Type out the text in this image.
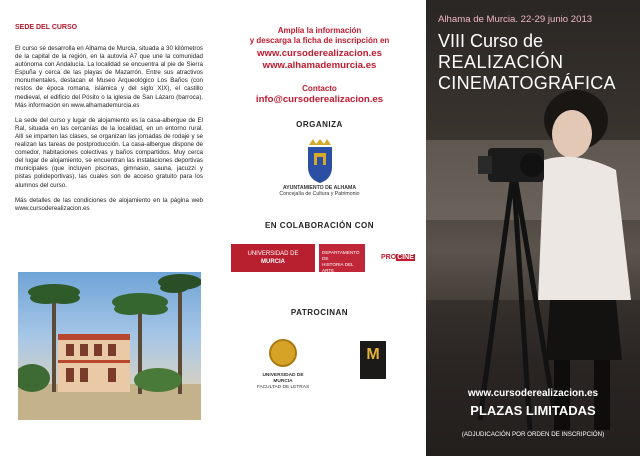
SEDE DEL CURSO

El curso se desarrolla en Alhama de Murcia, situada a 30 kilómetros de la capital de la región, en la autovía A7 que une la comunidad autónoma con Andalucía. La localidad se encuentra al pie de Sierra Espuña y cerca de las playas de Mazarrón. Entre sus atractivos monumentales, destacan el Museo Arqueológico Los Baños (con restos de época romana, islámica y del siglo XIX), el castillo medieval, el edificio del Pósito o la iglesia de San Lázaro (barroca). Más información en www.alhamademurcia.es

La sede del curso y lugar de alojamiento es la casa-albergue de El Ral, situada en las cercanías de la localidad, en un entorno rural. Allí se imparten las clases, se organizan las jornadas de rodaje y se realizan las tareas de postproducción. La casa-albergue dispone de comedor, habitaciones colectivas y baños compartidos. Muy cerca del lugar de alojamiento, se encuentran las instalaciones deportivas municipales (que incluyen piscinas, gimnasio, sauna, jacuzzi y pistas polideportivas), las cuales son de acceso gratuito para los alumnos del curso.

Más detalles de las condiciones de alojamiento en la página web www.cursoderealizacion.es

Amplía la información
y descarga la ficha de inscripción en
www.cursoderealizacion.es
www.alhamademurcia.es
Contacto
info@cursoderealizacion.es
ORGANIZA
AYUNTAMIENTO DE ALHAMA
Concejalía de Cultura y Patrimonio
EN COLABORACIÓN CON
UNIVERSIDAD DE
MURCIA
DEPARTAMENTO DE
HISTORIA DEL ARTE
PROCINE
PATROCINAN
UNIVERSIDAD DE MURCIA
FACULTAD DE LETRAS
M
Alhama de Murcia. 22-29 junio 2013
VIII Curso de
REALIZACIÓN
CINEMATOGRÁFICA
www.cursoderealizacion.es
PLAZAS LIMITADAS
(ADJUDICACIÓN POR ORDEN DE INSCRIPCIÓN)
